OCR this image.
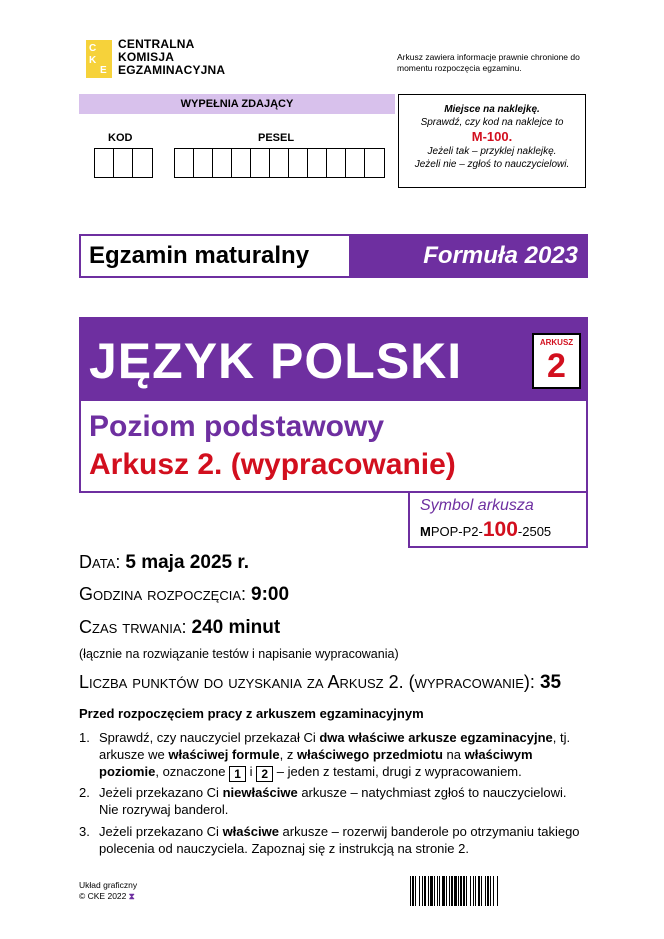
C
K
E
CENTRALNA
KOMISJA
EGZAMINACYJNA
Arkusz zawiera informacje prawnie chronione do momentu rozpoczęcia egzaminu.
WYPEŁNIA ZDAJĄCY
KOD	PESEL
Miejsce na naklejkę.
Sprawdź, czy kod na naklejce to
M-100.
Jeżeli tak – przyklej naklejkę.
Jeżeli nie – zgłoś to nauczycielowi.
Egzamin maturalny	Formuła 2023
JĘZYK POLSKI	ARKUSZ
2
Poziom podstawowy
Arkusz 2. (wypracowanie)
Symbol arkusza
MPOP-P2-100-2505
Data: 5 maja 2025 r.
Godzina rozpoczęcia: 9:00
Czas trwania: 240 minut
(łącznie na rozwiązanie testów i napisanie wypracowania)
Liczba punktów do uzyskania za Arkusz 2. (wypracowanie): 35
Przed rozpoczęciem pracy z arkuszem egzaminacyjnym
1. Sprawdź, czy nauczyciel przekazał Ci dwa właściwe arkusze egzaminacyjne, tj. arkusze we właściwej formule, z właściwego przedmiotu na właściwym poziomie, oznaczone 1 i 2 – jeden z testami, drugi z wypracowaniem.
2. Jeżeli przekazano Ci niewłaściwe arkusze – natychmiast zgłoś to nauczycielowi. Nie rozrywaj banderol.
3. Jeżeli przekazano Ci właściwe arkusze – rozerwij banderole po otrzymaniu takiego polecenia od nauczyciela. Zapoznaj się z instrukcją na stronie 2.
Układ graficzny
© CKE 2022 ⧗
